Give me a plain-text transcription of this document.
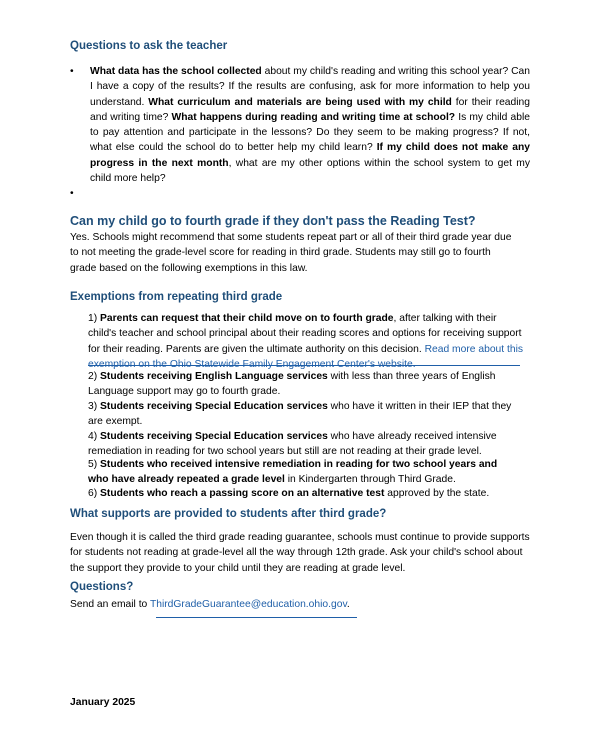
Questions to ask the teacher
• What data has the school collected about my child's reading and writing this school year? Can I have a copy of the results? If the results are confusing, ask for more information to help you understand. What curriculum and materials are being used with my child for their reading and writing time? What happens during reading and writing time at school? Is my child able to pay attention and participate in the lessons? Do they seem to be making progress? If not, what else could the school do to better help my child learn? If my child does not make any progress in the next month, what are my other options within the school system to get my child more help?
•
Can my child go to fourth grade if they don't pass the Reading Test?

Yes. Schools might recommend that some students repeat part or all of their third grade year due to not meeting the grade-level score for reading in third grade. Students may still go to fourth grade based on the following exemptions in this law.

Exemptions from repeating third grade

1) Parents can request that their child move on to fourth grade, after talking with their child's teacher and school principal about their reading scores and options for receiving support for their reading. Parents are given the ultimate authority on this decision. Read more about this

2) Students receiving English Language services with less than three years of English Language support may go to fourth grade.

3) Students receiving Special Education services who have it written in their IEP that they are exempt.

4) Students receiving Special Education services who have already received intensive remediation in reading for two school years but still are not reading at their grade level.

5) Students who received intensive remediation in reading for two school years and who have already repeated a grade level in Kindergarten through Third Grade.

6) Students who reach a passing score on an alternative test approved by the state.

What supports are provided to students after third grade?

Even though it is called the third grade reading guarantee, schools must continue to provide supports for students not reading at grade-level all the way through 12th grade. Ask your child's school about the support they provide to your child until they are reading at grade level.

Questions?

Send an email to ThirdGradeGuarantee@education.ohio.gov.

January 2025
